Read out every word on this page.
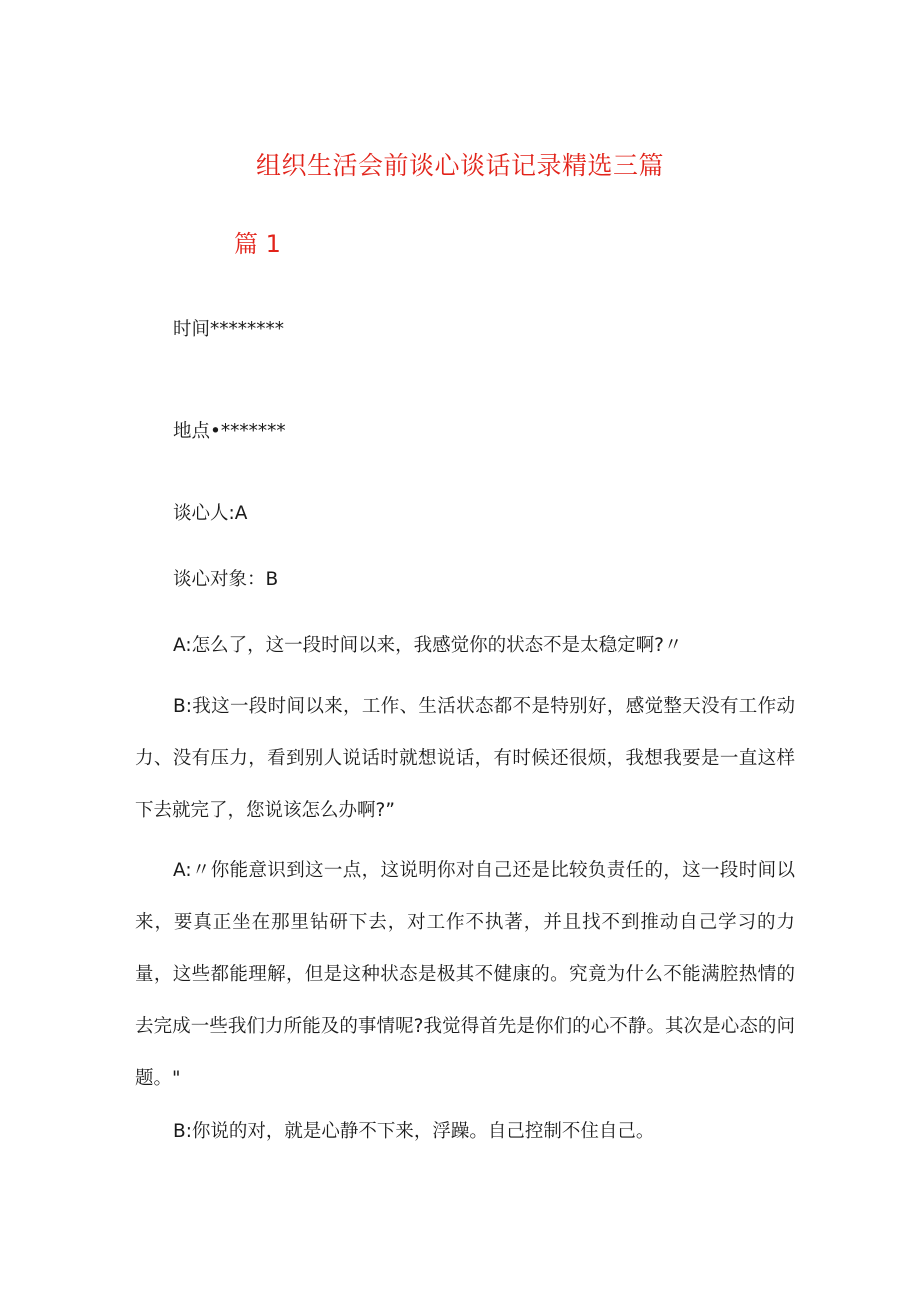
组织生活会前谈心谈话记录精选三篇
篇 1
时间********
地点•*******
谈心人:A
谈心对象：B
A:怎么了，这一段时间以来，我感觉你的状态不是太稳定啊?〃
B:我这一段时间以来，工作、生活状态都不是特别好，感觉整天没有工作动力、没有压力，看到别人说话时就想说话，有时候还很烦，我想我要是一直这样下去就完了，您说该怎么办啊?”
A:〃你能意识到这一点，这说明你对自己还是比较负责任的，这一段时间以来，要真正坐在那里钻研下去，对工作不执著，并且找不到推动自己学习的力量，这些都能理解，但是这种状态是极其不健康的。究竟为什么不能满腔热情的去完成一些我们力所能及的事情呢?我觉得首先是你们的心不静。其次是心态的问题。"
B:你说的对，就是心静不下来，浮躁。自己控制不住自己。
